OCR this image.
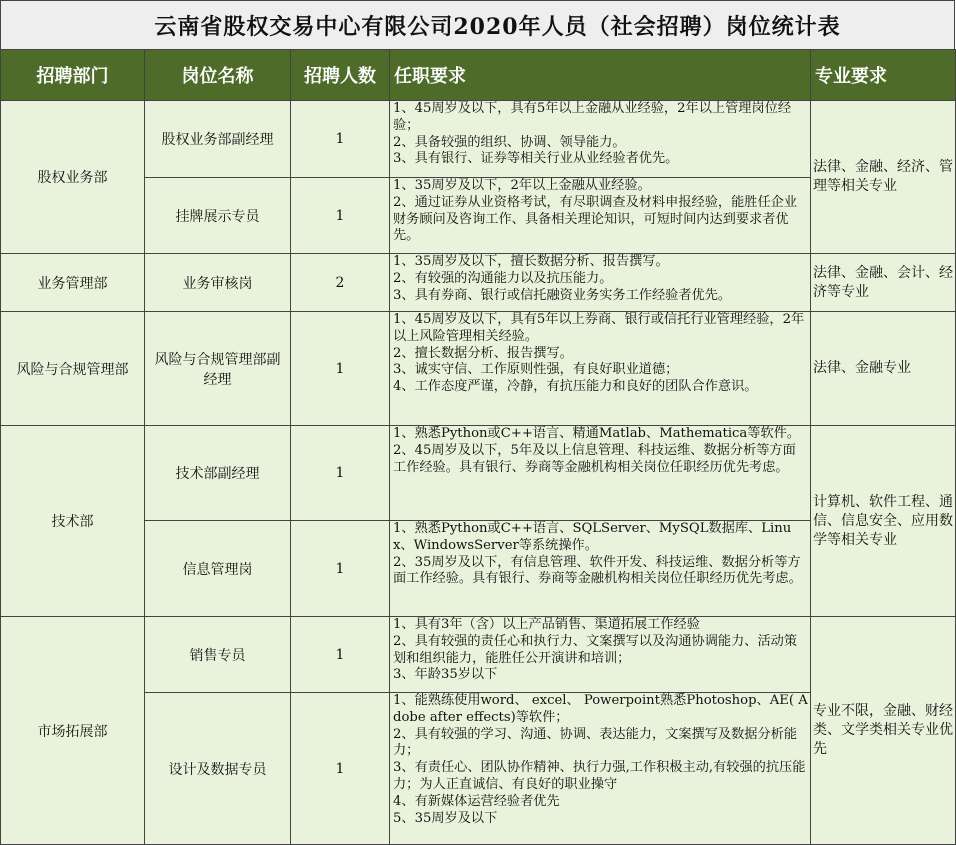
云南省股权交易中心有限公司2020年人员（社会招聘）岗位统计表
招聘部门	岗位名称	招聘人数	任职要求	专业要求
股权业务部	股权业务部副经理	1	1、45周岁及以下，具有5年以上金融从业经验，2年以上管理岗位经验；
2、具备较强的组织、协调、领导能力。
3、具有银行、证券等相关行业从业经验者优先。	法律、金融、经济、管理等相关专业
	挂牌展示专员	1	1、35周岁及以下，2年以上金融从业经验。
2、通过证券从业资格考试，有尽职调查及材料申报经验，能胜任企业财务顾问及咨询工作、具备相关理论知识，可短时间内达到要求者优先。	

业务管理部	业务审核岗	2	1、35周岁及以下，擅长数据分析、报告撰写。
2、有较强的沟通能力以及抗压能力。
3、具有券商、银行或信托融资业务实务工作经验者优先。	法律、金融、会计、经济等专业
风险与合规管理部	风险与合规管理部副经理	1	1、45周岁及以下，具有5年以上券商、银行或信托行业管理经验，2年以上风险管理相关经验。
2、擅长数据分析、报告撰写。
3、诚实守信、工作原则性强，有良好职业道德；
4、工作态度严谨，冷静，有抗压能力和良好的团队合作意识。	法律、金融专业
技术部	技术部副经理	1	1、熟悉Python或C++语言、精通Matlab、Mathematica等软件。
2、45周岁及以下，5年及以上信息管理、科技运维、数据分析等方面工作经验。具有银行、券商等金融机构相关岗位任职经历优先考虑。	计算机、软件工程、通信、信息安全、应用数学等相关专业
	信息管理岗	1	1、熟悉Python或C++语言、SQLServer、MySQL数据库、Linux、WindowsServer等系统操作。
2、35周岁及以下，有信息管理、软件开发、科技运维、数据分析等方面工作经验。具有银行、券商等金融机构相关岗位任职经历优先考虑。	

市场拓展部	销售专员	1	1、具有3年（含）以上产品销售、渠道拓展工作经验
2、具有较强的责任心和执行力、文案撰写以及沟通协调能力、活动策划和组织能力，能胜任公开演讲和培训；
3、年龄35岁以下	专业不限，金融、财经类、文学类相关专业优先
	设计及数据专员	1	1、能熟练使用word、 excel、 Powerpoint熟悉Photoshop、AE( Adobe after effects)等软件；
2、具有较强的学习、沟通、协调、表达能力，文案撰写及数据分析能力；
3、有责任心、团队协作精神、执行力强,工作积极主动,有较强的抗压能力；为人正直诚信、有良好的职业操守
4、有新媒体运营经验者优先
5、35周岁及以下	
